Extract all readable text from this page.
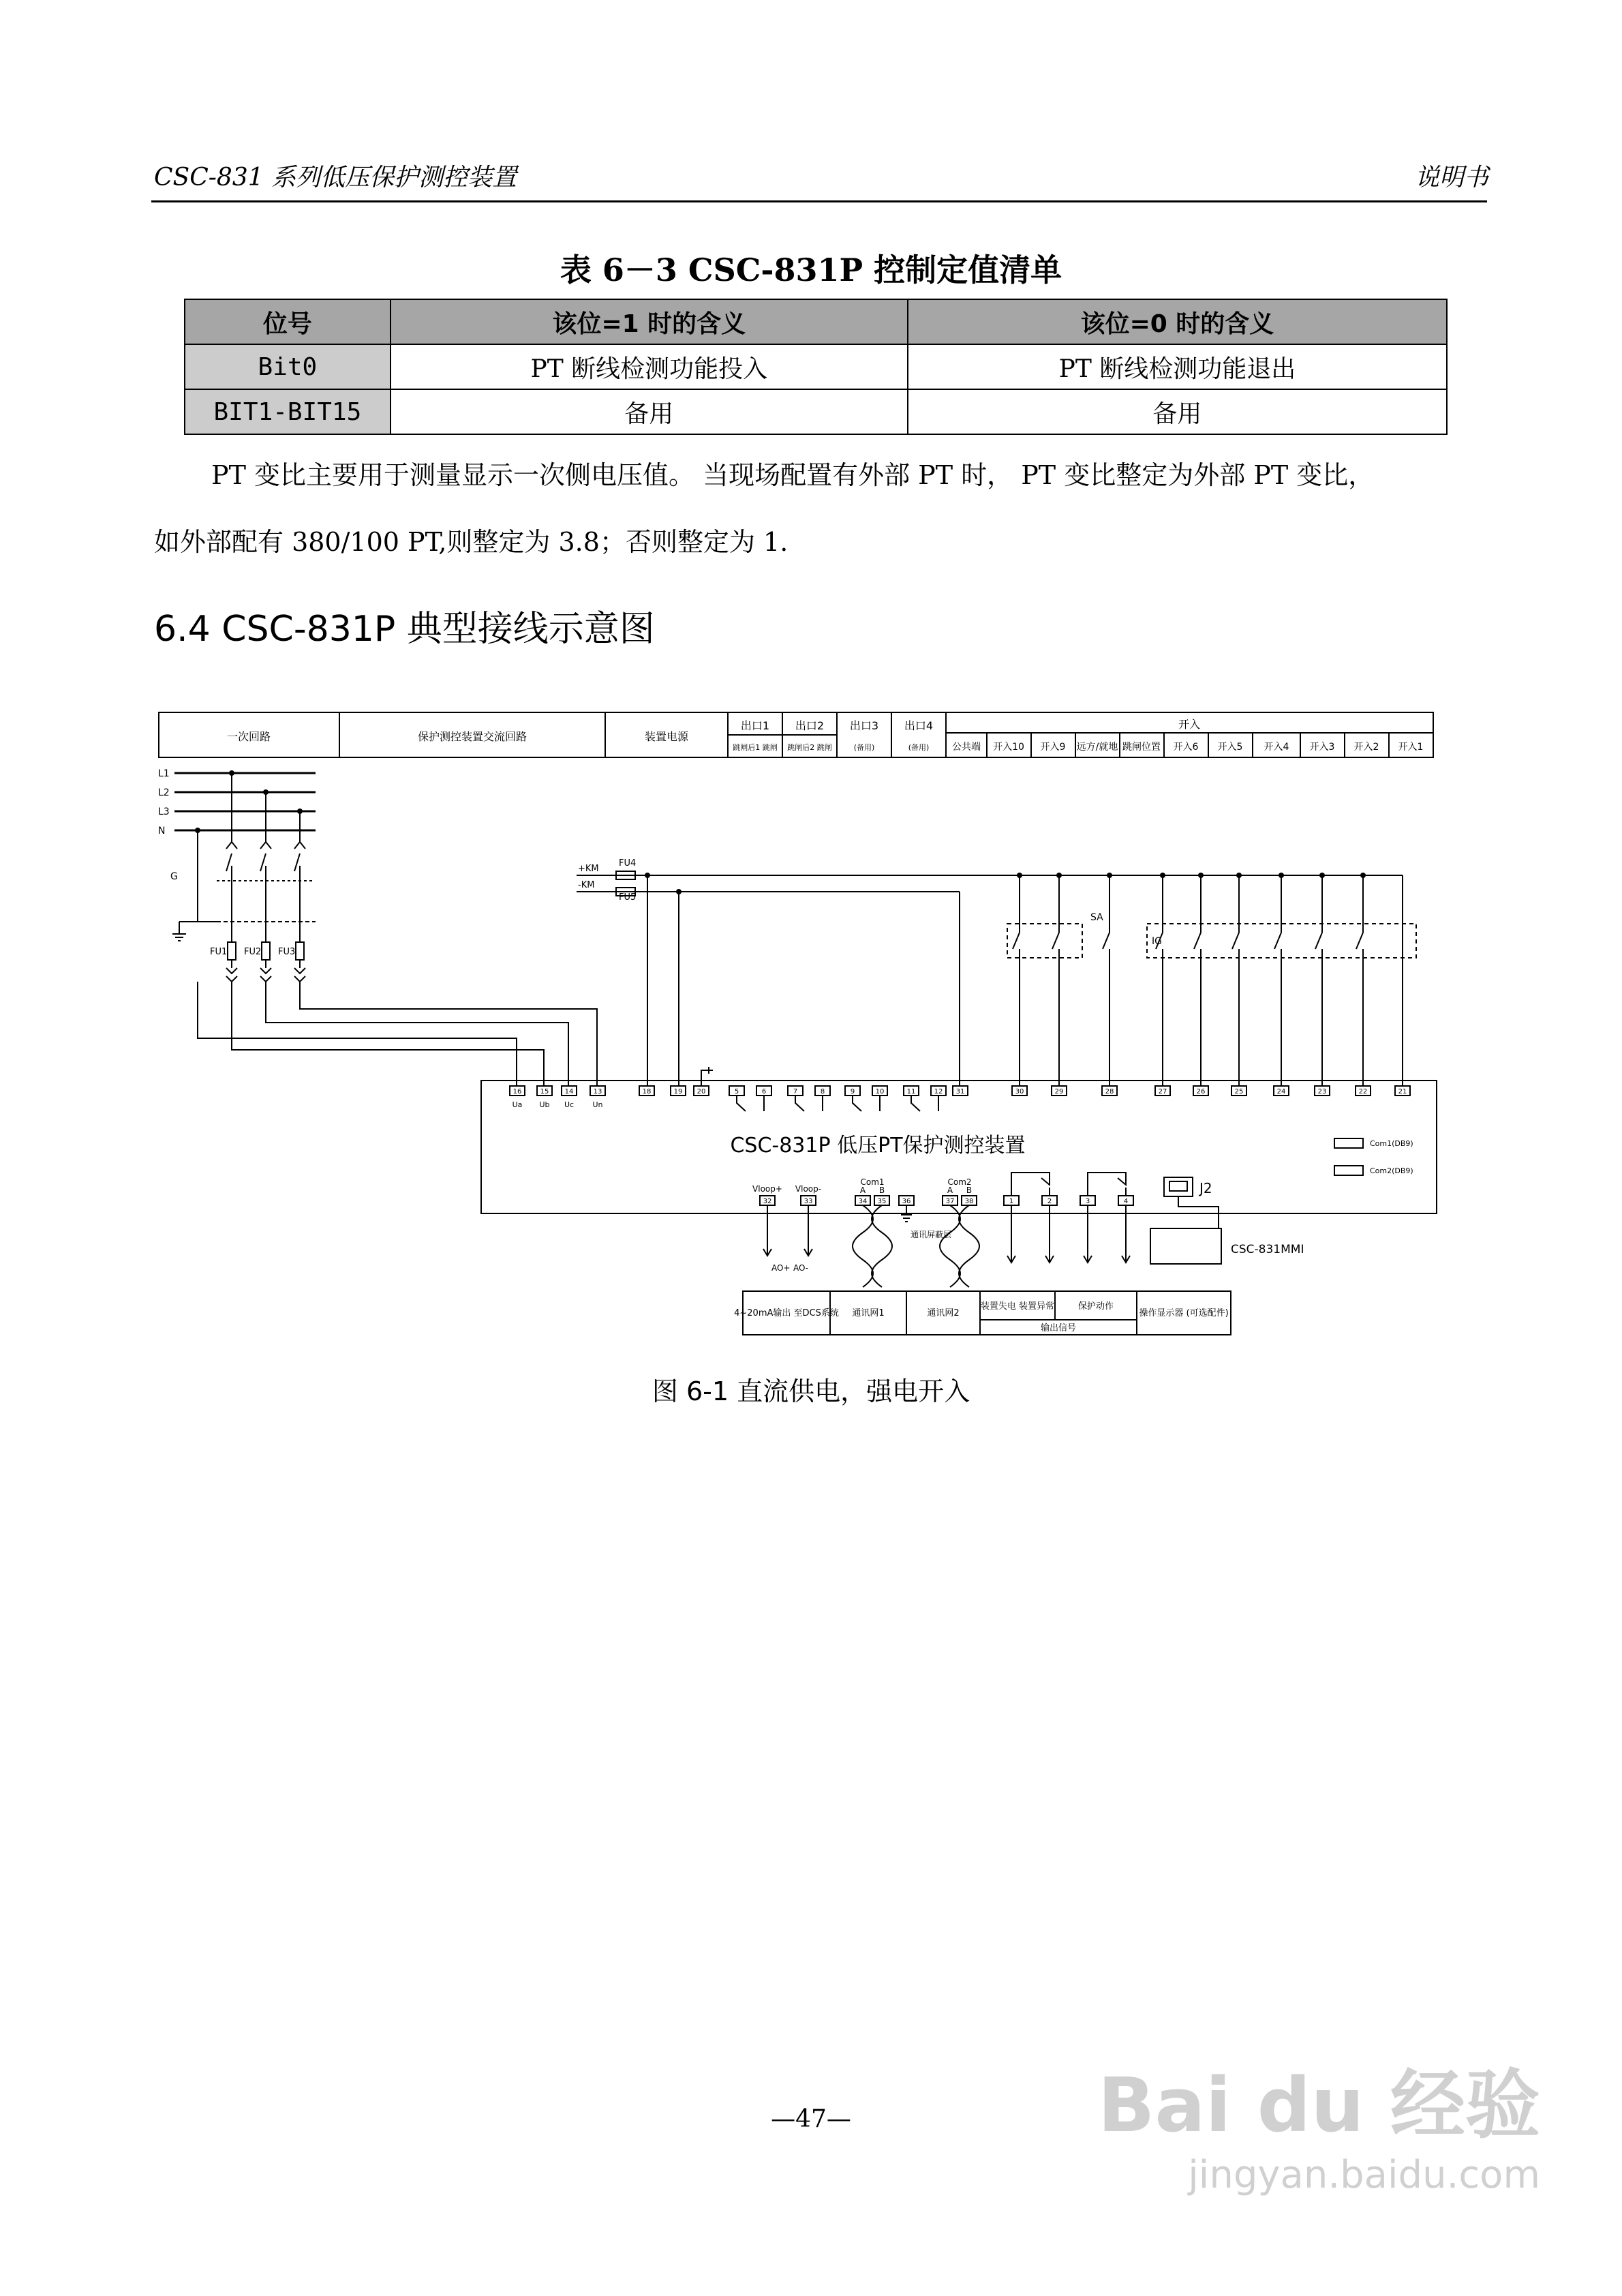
CSC-831 系列低压保护测控装置	说明书
表 6－3 CSC-831P 控制定值清单
位号	该位=1 时的含义	该位=0 时的含义
Bit0	PT 断线检测功能投入	PT 断线检测功能退出
BIT1-BIT15	备用	备用
PT 变比主要用于测量显示一次侧电压值。 当现场配置有外部 PT 时， PT 变比整定为外部 PT 变比，
如外部配有 380/100 PT,则整定为 3.8；否则整定为 1.
6.4 CSC-831P 典型接线示意图
一次回路	保护测控装置交流回路	装置电源
出口1 出口2 出口3 出口4	开入
跳闸后1 跳闸 跳闸后2 跳闸	(备用)	(备用) 公共端 开入10 开入9 远方/就地 跳闸位置 开入6 开入5 开入4 开入3 开入2 开入1
L1
L2
L3
N
G
FU1 FU2 FU3
+KM
-KM
FU4
FU5
SA
IG
16	15 14	13	18	19 20	5	6	7	8	9	10	11	12 31	30	29	28	27	26	25	24	23	22	21
Ua Ub Uc Un
CSC-831P 低压PT保护测控装置	Com1(DB9)
Com2(DB9)
Vloop+ Vloop-
Com1	Com2
A B	A B
32	33	34 35 36	37 38	1	2	3	4
通讯屏蔽层
AO+ AO-
J2
CSC-831MMI
4~20mA输出 至DCS系统 通讯网1	通讯网2
装置失电 装置异常	保护动作
输出信号
操作显示器 (可选配件)
图 6-1 直流供电，强电开入
—47—	Bai du 经验
jingyan.baidu.com
